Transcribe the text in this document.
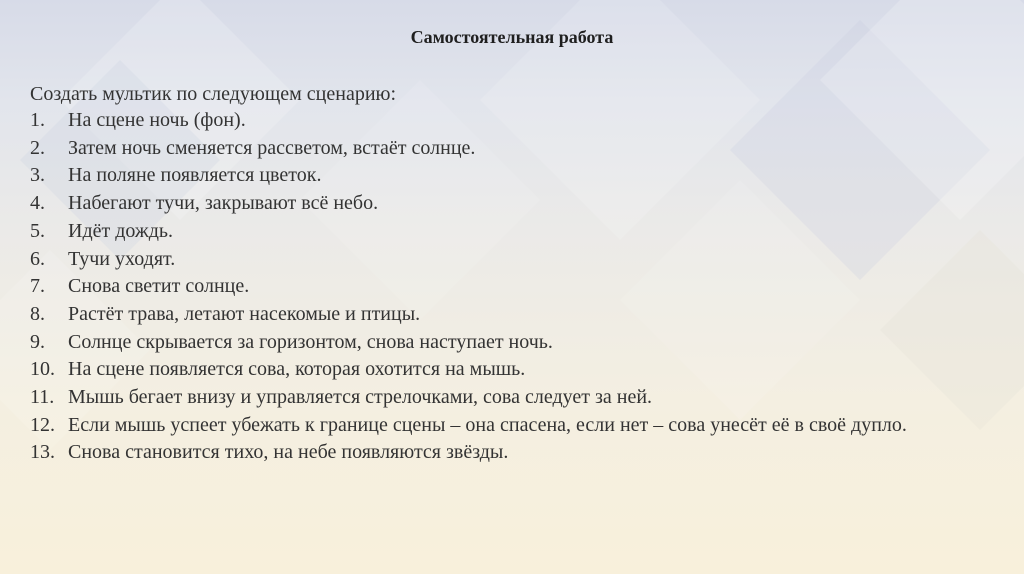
Самостоятельная работа
Создать мультик по следующем сценарию:
1.	На сцене ночь (фон).
2.	Затем ночь сменяется рассветом, встаёт солнце.
3.	На поляне появляется цветок.
4.	Набегают тучи, закрывают всё небо.
5.	Идёт дождь.
6.	Тучи уходят.
7.	Снова светит солнце.
8.	Растёт трава, летают насекомые и птицы.
9.	Солнце скрывается за горизонтом, снова наступает ночь.
10. На сцене появляется сова, которая охотится на мышь.
11. Мышь бегает внизу и управляется стрелочками, сова следует за ней.
12. Если мышь успеет убежать к границе сцены – она спасена, если нет – сова унесёт её в своё дупло.
13. Снова становится тихо, на небе появляются звёзды.
